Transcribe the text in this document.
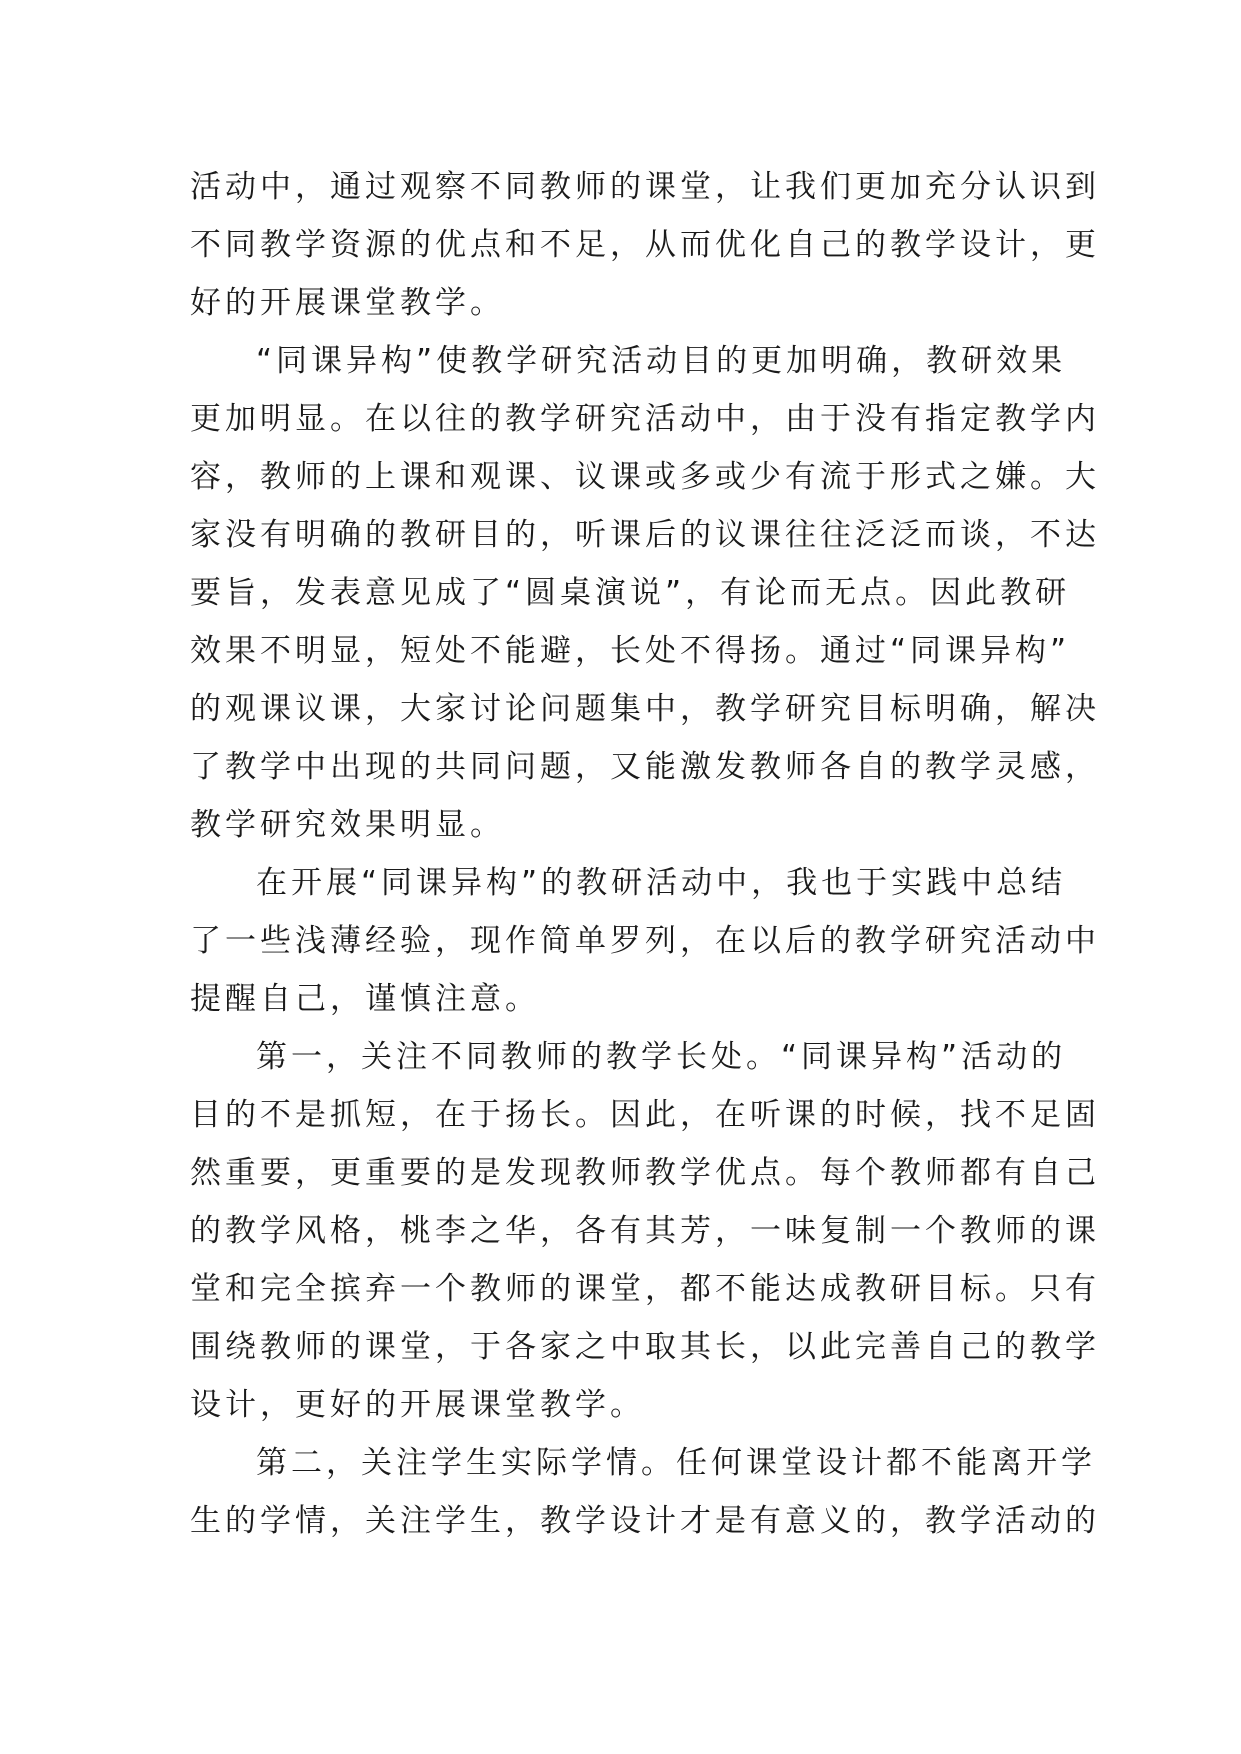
活动中，通过观察不同教师的课堂，让我们更加充分认识到
不同教学资源的优点和不足，从而优化自己的教学设计，更
好的开展课堂教学。
“同课异构”使教学研究活动目的更加明确，教研效果
更加明显。在以往的教学研究活动中，由于没有指定教学内
容，教师的上课和观课、议课或多或少有流于形式之嫌。大
家没有明确的教研目的，听课后的议课往往泛泛而谈，不达
要旨，发表意见成了“圆桌演说”，有论而无点。因此教研
效果不明显，短处不能避，长处不得扬。通过“同课异构”
的观课议课，大家讨论问题集中，教学研究目标明确，解决
了教学中出现的共同问题，又能激发教师各自的教学灵感，
教学研究效果明显。
在开展“同课异构”的教研活动中，我也于实践中总结
了一些浅薄经验，现作简单罗列，在以后的教学研究活动中
提醒自己，谨慎注意。
第一，关注不同教师的教学长处。“同课异构”活动的
目的不是抓短，在于扬长。因此，在听课的时候，找不足固
然重要，更重要的是发现教师教学优点。每个教师都有自己
的教学风格，桃李之华，各有其芳，一味复制一个教师的课
堂和完全摈弃一个教师的课堂，都不能达成教研目标。只有
围绕教师的课堂，于各家之中取其长，以此完善自己的教学
设计，更好的开展课堂教学。
第二，关注学生实际学情。任何课堂设计都不能离开学
生的学情，关注学生，教学设计才是有意义的，教学活动的
